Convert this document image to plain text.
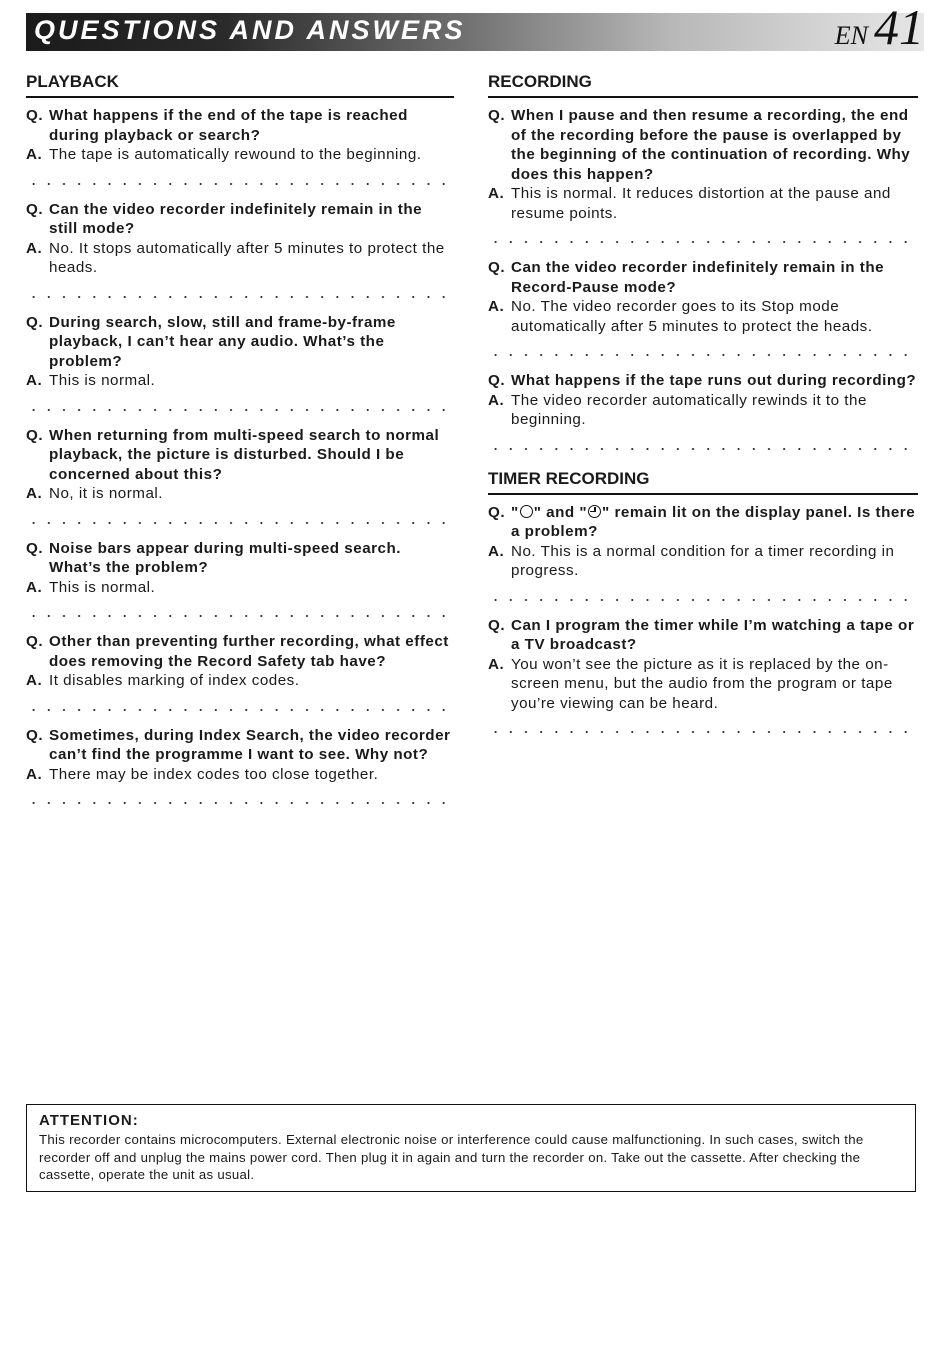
QUESTIONS AND ANSWERS	EN 41
PLAYBACK
Q. What happens if the end of the tape is reached during playback or search?
A. The tape is automatically rewound to the beginning.
Q. Can the video recorder indefinitely remain in the still mode?
A. No. It stops automatically after 5 minutes to protect the heads.
Q. During search, slow, still and frame-by-frame playback, I can’t hear any audio. What’s the problem?
A. This is normal.
Q. When returning from multi-speed search to normal playback, the picture is disturbed. Should I be concerned about this?
A. No, it is normal.
Q. Noise bars appear during multi-speed search. What’s the problem?
A. This is normal.
Q. Other than preventing further recording, what effect does removing the Record Safety tab have?
A. It disables marking of index codes.
Q. Sometimes, during Index Search, the video recorder can’t find the programme I want to see. Why not?
A. There may be index codes too close together.
RECORDING
Q. When I pause and then resume a recording, the end of the recording before the pause is overlapped by the beginning of the continuation of recording. Why does this happen?
A. This is normal. It reduces distortion at the pause and resume points.
Q. Can the video recorder indefinitely remain in the Record-Pause mode?
A. No. The video recorder goes to its Stop mode automatically after 5 minutes to protect the heads.
Q. What happens if the tape runs out during recording?
A. The video recorder automatically rewinds it to the beginning.
TIMER RECORDING
Q. " " and " " remain lit on the display panel. Is there a problem?
A. No. This is a normal condition for a timer recording in progress.
Q. Can I program the timer while I’m watching a tape or a TV broadcast?
A. You won’t see the picture as it is replaced by the on-screen menu, but the audio from the program or tape you’re viewing can be heard.
ATTENTION:
This recorder contains microcomputers. External electronic noise or interference could cause malfunctioning. In such cases, switch the recorder off and unplug the mains power cord. Then plug it in again and turn the recorder on. Take out the cassette. After checking the cassette, operate the unit as usual.
